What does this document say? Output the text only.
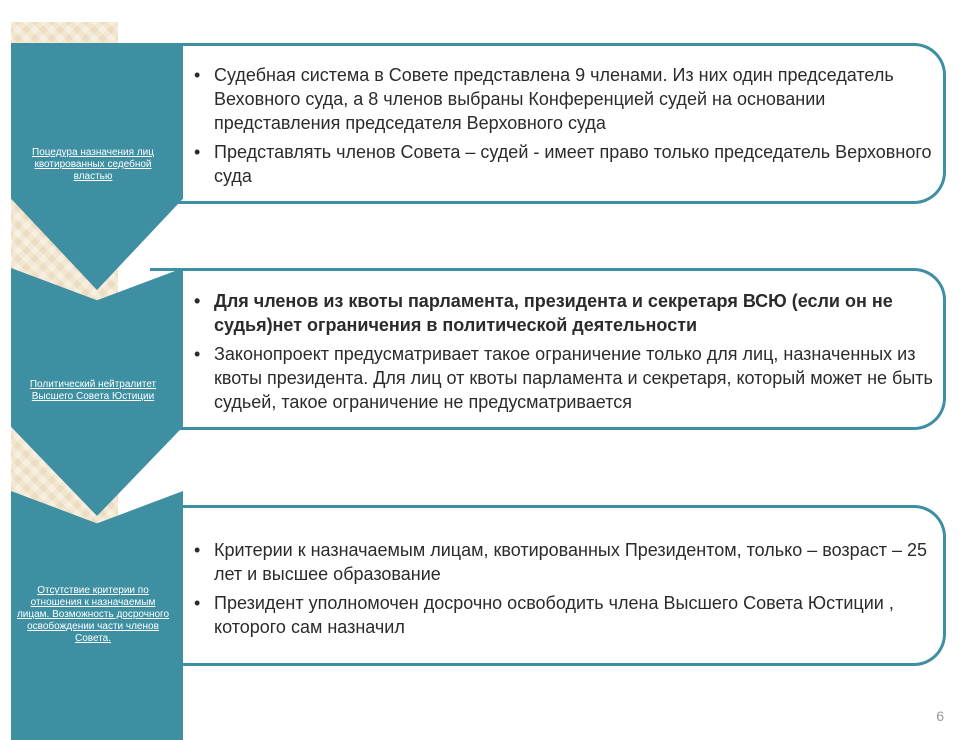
Поцедура назначения лиц квотированных седебной властью
• Судебная система в Совете представлена 9 членами. Из них один председатель Вехoвного суда, а 8 членов выбраны Конференцией судей на основании представления председателя Верховного суда
• Представлять членов Совета – судей - имеет право только председатель Верховного суда
Политический нейтралитет Высшего Совета Юстиции
• Для членов из квоты парламента, президента и секретаря ВСЮ (если он не судья)нет ограничения в политической деятельности
• Законопроект предусматривает такое ограничение только для лиц, назначенных из квоты президента. Для лиц от квоты парламента и секретаря, который может не быть судьей, такое ограничение не предусматривается
Отсутствие критерии по отношения к назначаемым лицам. Возможность досрочного освобождении части членов Совета.
• Критерии к назначаемым лицам, квотированных Президентом, только – возраст – 25 лет и высшее образование
• Президент уполномочен досрочно освободить члена Высшего Совета Юстиции , которого сам назначил
6
